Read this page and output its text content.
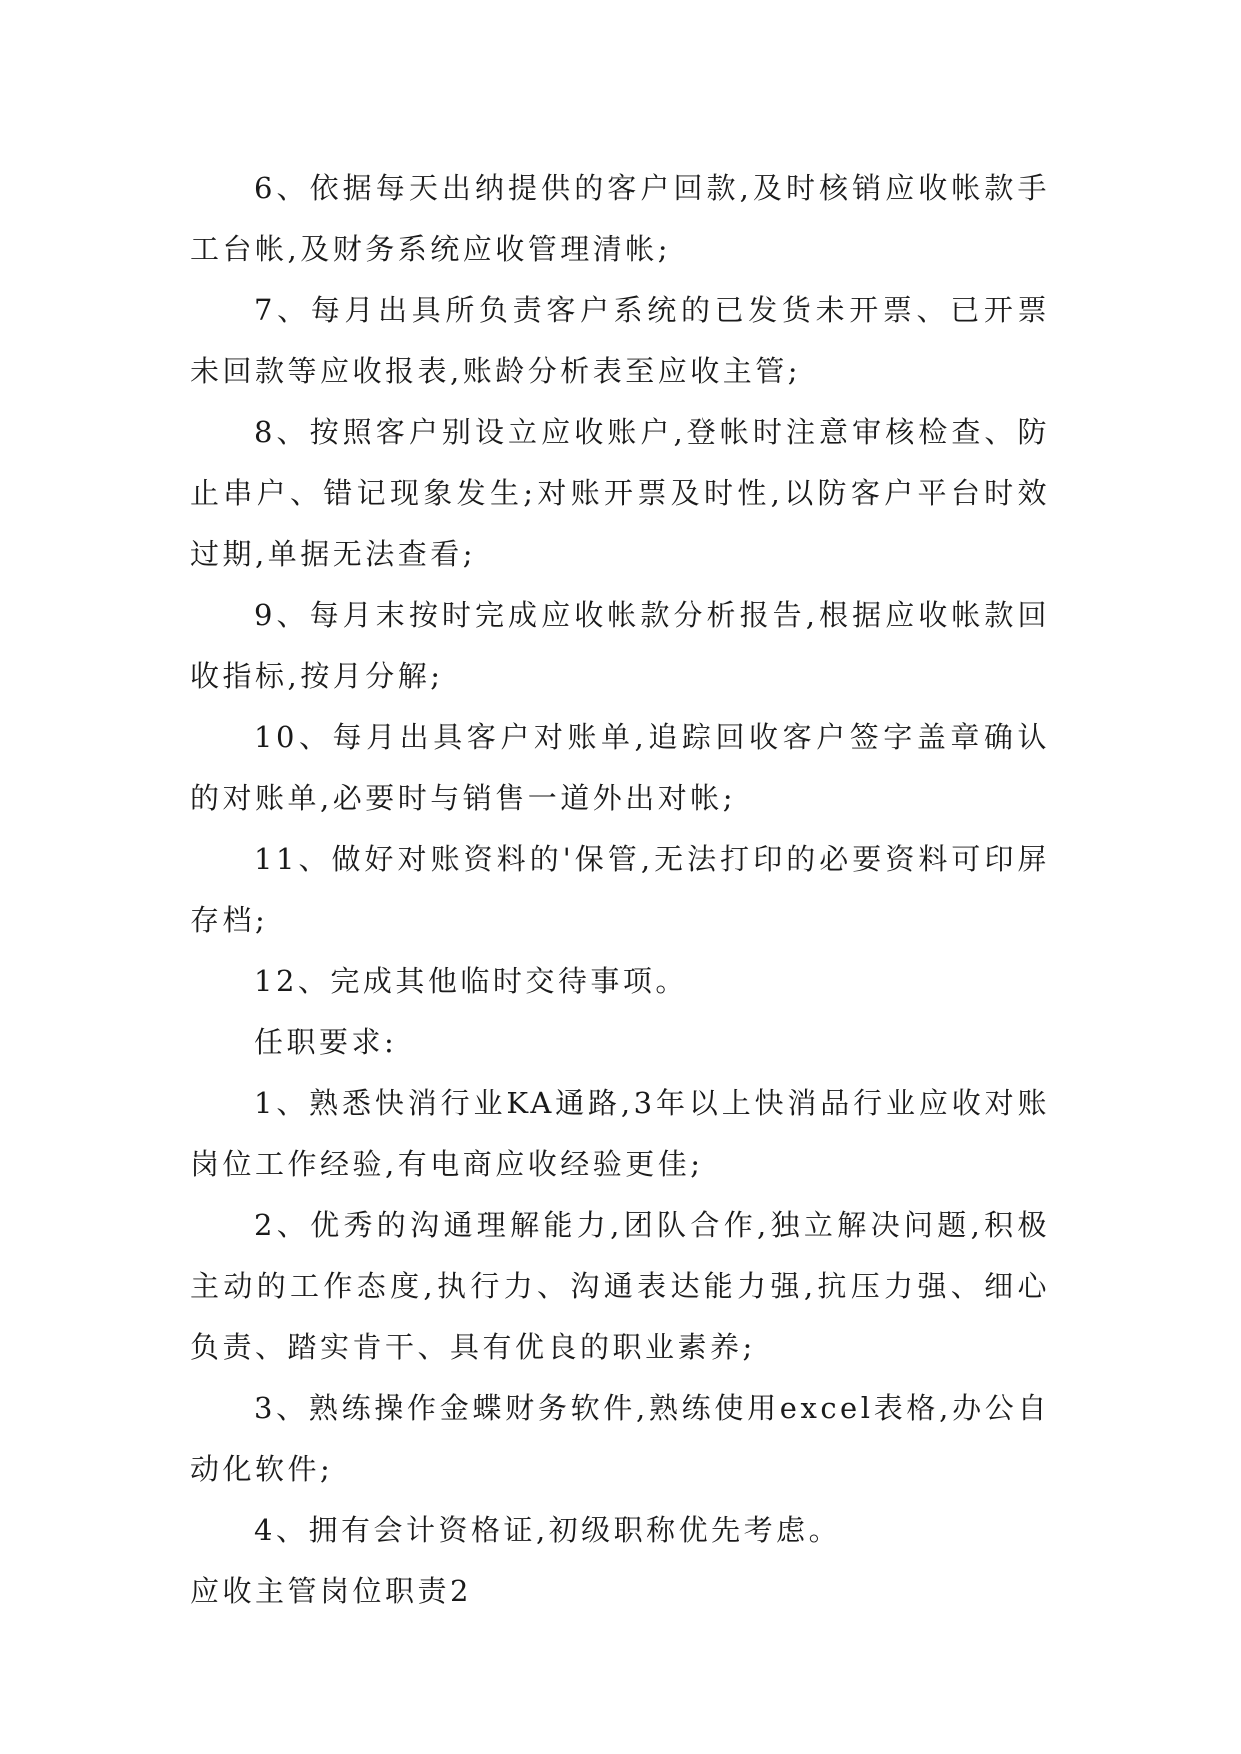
6、依据每天出纳提供的客户回款,及时核销应收帐款手工台帐,及财务系统应收管理清帐;

7、每月出具所负责客户系统的已发货未开票、已开票未回款等应收报表,账龄分析表至应收主管;

8、按照客户别设立应收账户,登帐时注意审核检查、防止串户、错记现象发生;对账开票及时性,以防客户平台时效过期,单据无法查看;

9、每月末按时完成应收帐款分析报告,根据应收帐款回收指标,按月分解;

10、每月出具客户对账单,追踪回收客户签字盖章确认的对账单,必要时与销售一道外出对帐;

11、做好对账资料的'保管,无法打印的必要资料可印屏存档;

12、完成其他临时交待事项。

任职要求:

1、熟悉快消行业KA通路,3年以上快消品行业应收对账岗位工作经验,有电商应收经验更佳;

2、优秀的沟通理解能力,团队合作,独立解决问题,积极主动的工作态度,执行力、沟通表达能力强,抗压力强、细心负责、踏实肯干、具有优良的职业素养;

3、熟练操作金蝶财务软件,熟练使用excel表格,办公自动化软件;

4、拥有会计资格证,初级职称优先考虑。

应收主管岗位职责2
